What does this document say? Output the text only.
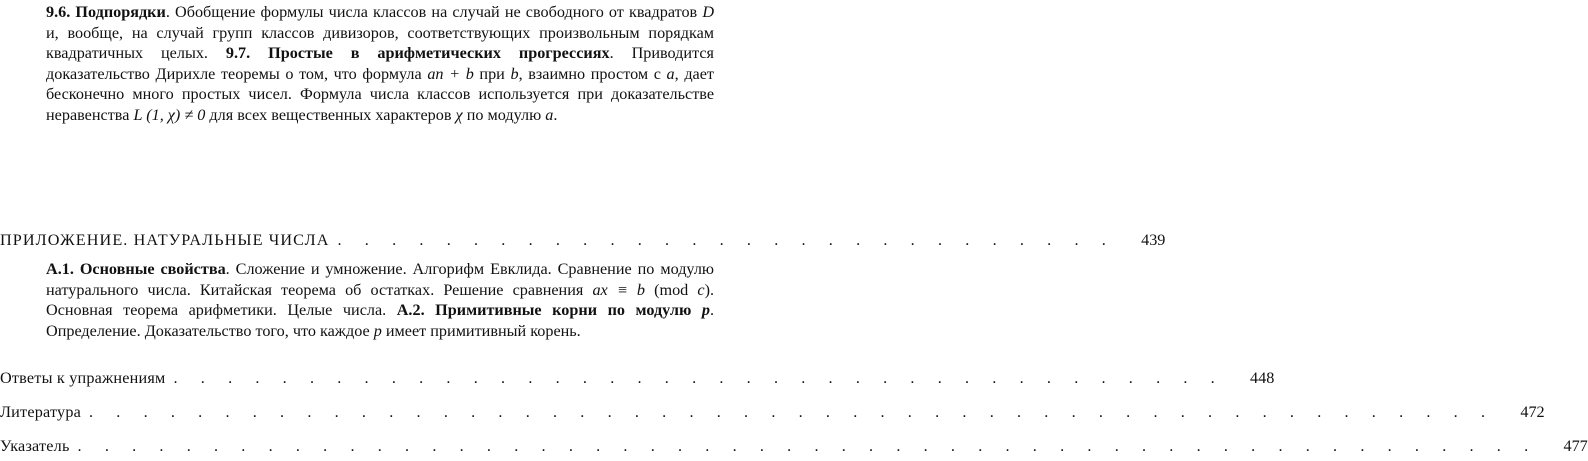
9.6. Подпорядки. Обобщение формулы числа классов на случай не свободного от квадратов D и, вообще, на случай групп классов дивизоров, соответствующих произвольным порядкам квадратичных целых. 9.7. Простые в арифметических прогрессиях. Приводится доказательство Дирихле теоремы о том, что формула an + b при b, взаимно простом с a, дает бесконечно много простых чисел. Формула числа классов используется при доказательстве неравенства L (1, χ) ≠ 0 для всех вещественных характеров χ по модулю a.

ПРИЛОЖЕНИЕ. НАТУРАЛЬНЫЕ ЧИСЛА . . . . . . . . . . . . . . . . . . . . . . . . . . . . .	439

А.1. Основные свойства. Сложение и умножение. Алгорифм Евклида. Сравнение по модулю натурального числа. Китайская теорема об остатках. Решение сравнения ax ≡ b (mod c). Основная теорема арифметики. Целые числа. А.2. Примитивные корни по модулю p. Определение. Доказательство того, что каждое p имеет примитивный корень.

Ответы к упражнениям . . . . . . . . . . . . . . . . . . . . . . . . . . . . . . . . . . . . . . .	448
Литература . . . . . . . . . . . . . . . . . . . . . . . . . . . . . . . . . . . . . . . . . . . . . . . . . . . .	472
Указатель . . . . . . . . . . . . . . . . . . . . . . . . . . . . . . . . . . . . . . . . . . . . . . . . . . . . . .	477
